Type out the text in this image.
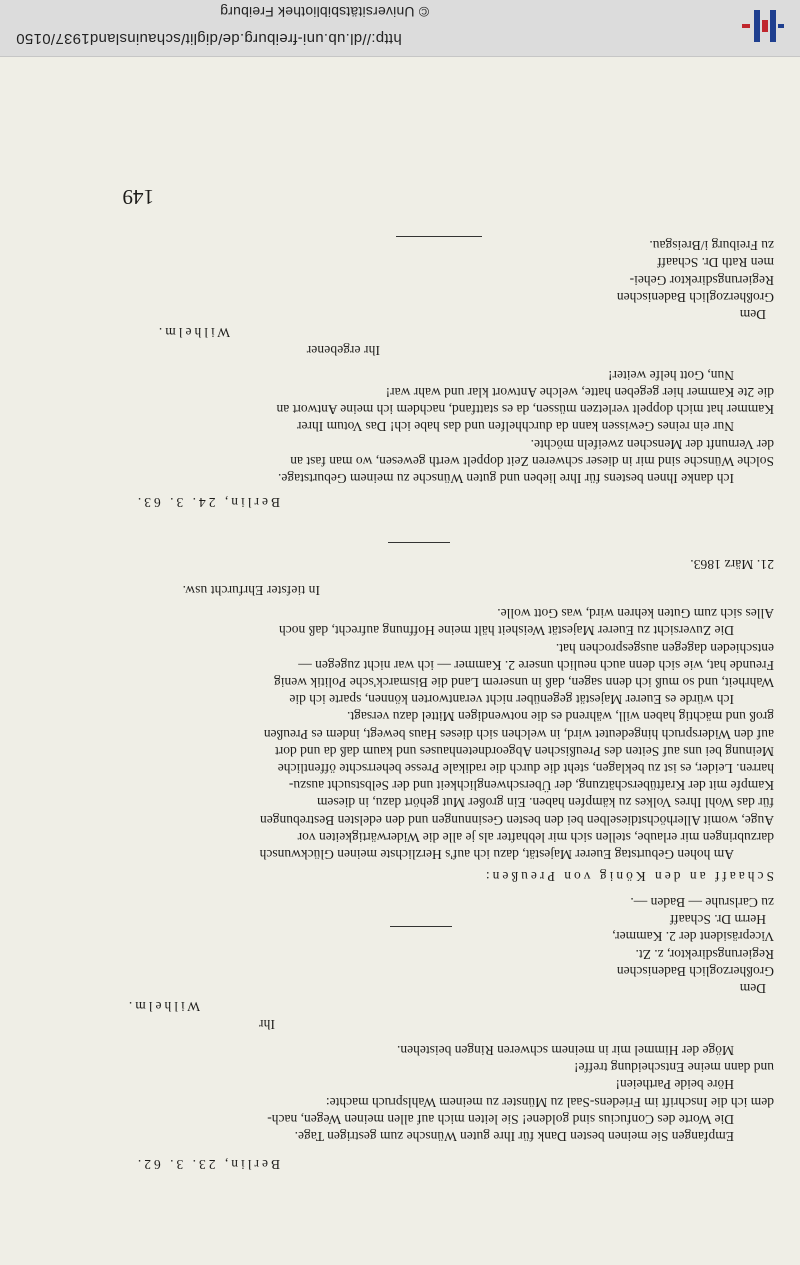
© Universitätsbibliothek Freiburg
http://dl.ub.uni-freiburg.de/diglit/schauinsland1937/0150
Berlin, 23. 3. 62.
Empfangen Sie meinen besten Dank für Ihre guten Wünsche zum gestrigen Tage.
Die Worte des Confucius sind goldene! Sie leiten mich auf allen meinen Wegen, nach-
dem ich die Inschrift im Friedens-Saal zu Münster zu meinem Wahlspruch machte:
Höre beide Partheien!
und dann meine Entscheidung treffe!
Möge der Himmel mir in meinem schweren Ringen beistehen.
Ihr
Wilhelm.
Dem
Großherzoglich Badenischen
Regierungsdirektor, z. Zt.
Vicepräsident der 2. Kammer,
Herrn Dr. Schaaff
zu Carlsruhe — Baden —.
Schaaff an den König von Preußen:
Am hohen Geburtstag Euerer Majestät, dazu ich auf's Herzlichste meinen Glückwunsch
darzubringen mir erlaube, stellen sich mir lebhafter als je alle die Widerwärtigkeiten vor
Auge, womit Allerhöchstdieselben bei den besten Gesinnungen und den edelsten Bestrebungen
für das Wohl Ihres Volkes zu kämpfen haben. Ein großer Mut gehört dazu, in diesem
Kampfe mit der Kraftüberschätzung, der Überschwenglichkeit und der Selbstsucht auszu-
harren. Leider, es ist zu beklagen, steht die durch die radikale Presse beherrschte öffentliche
Meinung bei uns auf Seiten des Preußischen Abgeordnetenhauses und kaum daß da und dort
auf den Widerspruch hingedeutet wird, in welchen sich dieses Haus bewegt, indem es Preußen
groß und mächtig haben will, während es die notwendigen Mittel dazu versagt.
Ich würde es Euerer Majestät gegenüber nicht verantworten können, sparte ich die
Wahrheit, und so muß ich denn sagen, daß in unserem Land die Bismarck'sche Politik wenig
Freunde hat, wie sich denn auch neulich unsere 2. Kammer — ich war nicht zugegen —
entschieden dagegen ausgesprochen hat.
Die Zuversicht zu Euerer Majestät Weisheit hält meine Hoffnung aufrecht, daß noch
Alles sich zum Guten kehren wird, was Gott wolle.
In tiefster Ehrfurcht usw.
21. März 1863.
Berlin, 24. 3. 63.
Ich danke Ihnen bestens für Ihre lieben und guten Wünsche zu meinem Geburtstage.
Solche Wünsche sind mir in dieser schweren Zeit doppelt werth gewesen, wo man fast an
der Vernunft der Menschen zweifeln möchte.
Nur ein reines Gewissen kann da durchhelfen und das habe ich! Das Votum Ihrer
Kammer hat mich doppelt verletzen müssen, da es stattfand, nachdem ich meine Antwort an
die 2te Kammer hier gegeben hatte, welche Antwort klar und wahr war!
Nun, Gott helfe weiter!
Ihr ergebener
Wilhelm.
Dem
Großherzoglich Badenischen
Regierungsdirektor Gehei-
men Rath Dr. Schaaff
zu Freiburg i/Breisgau.
149
